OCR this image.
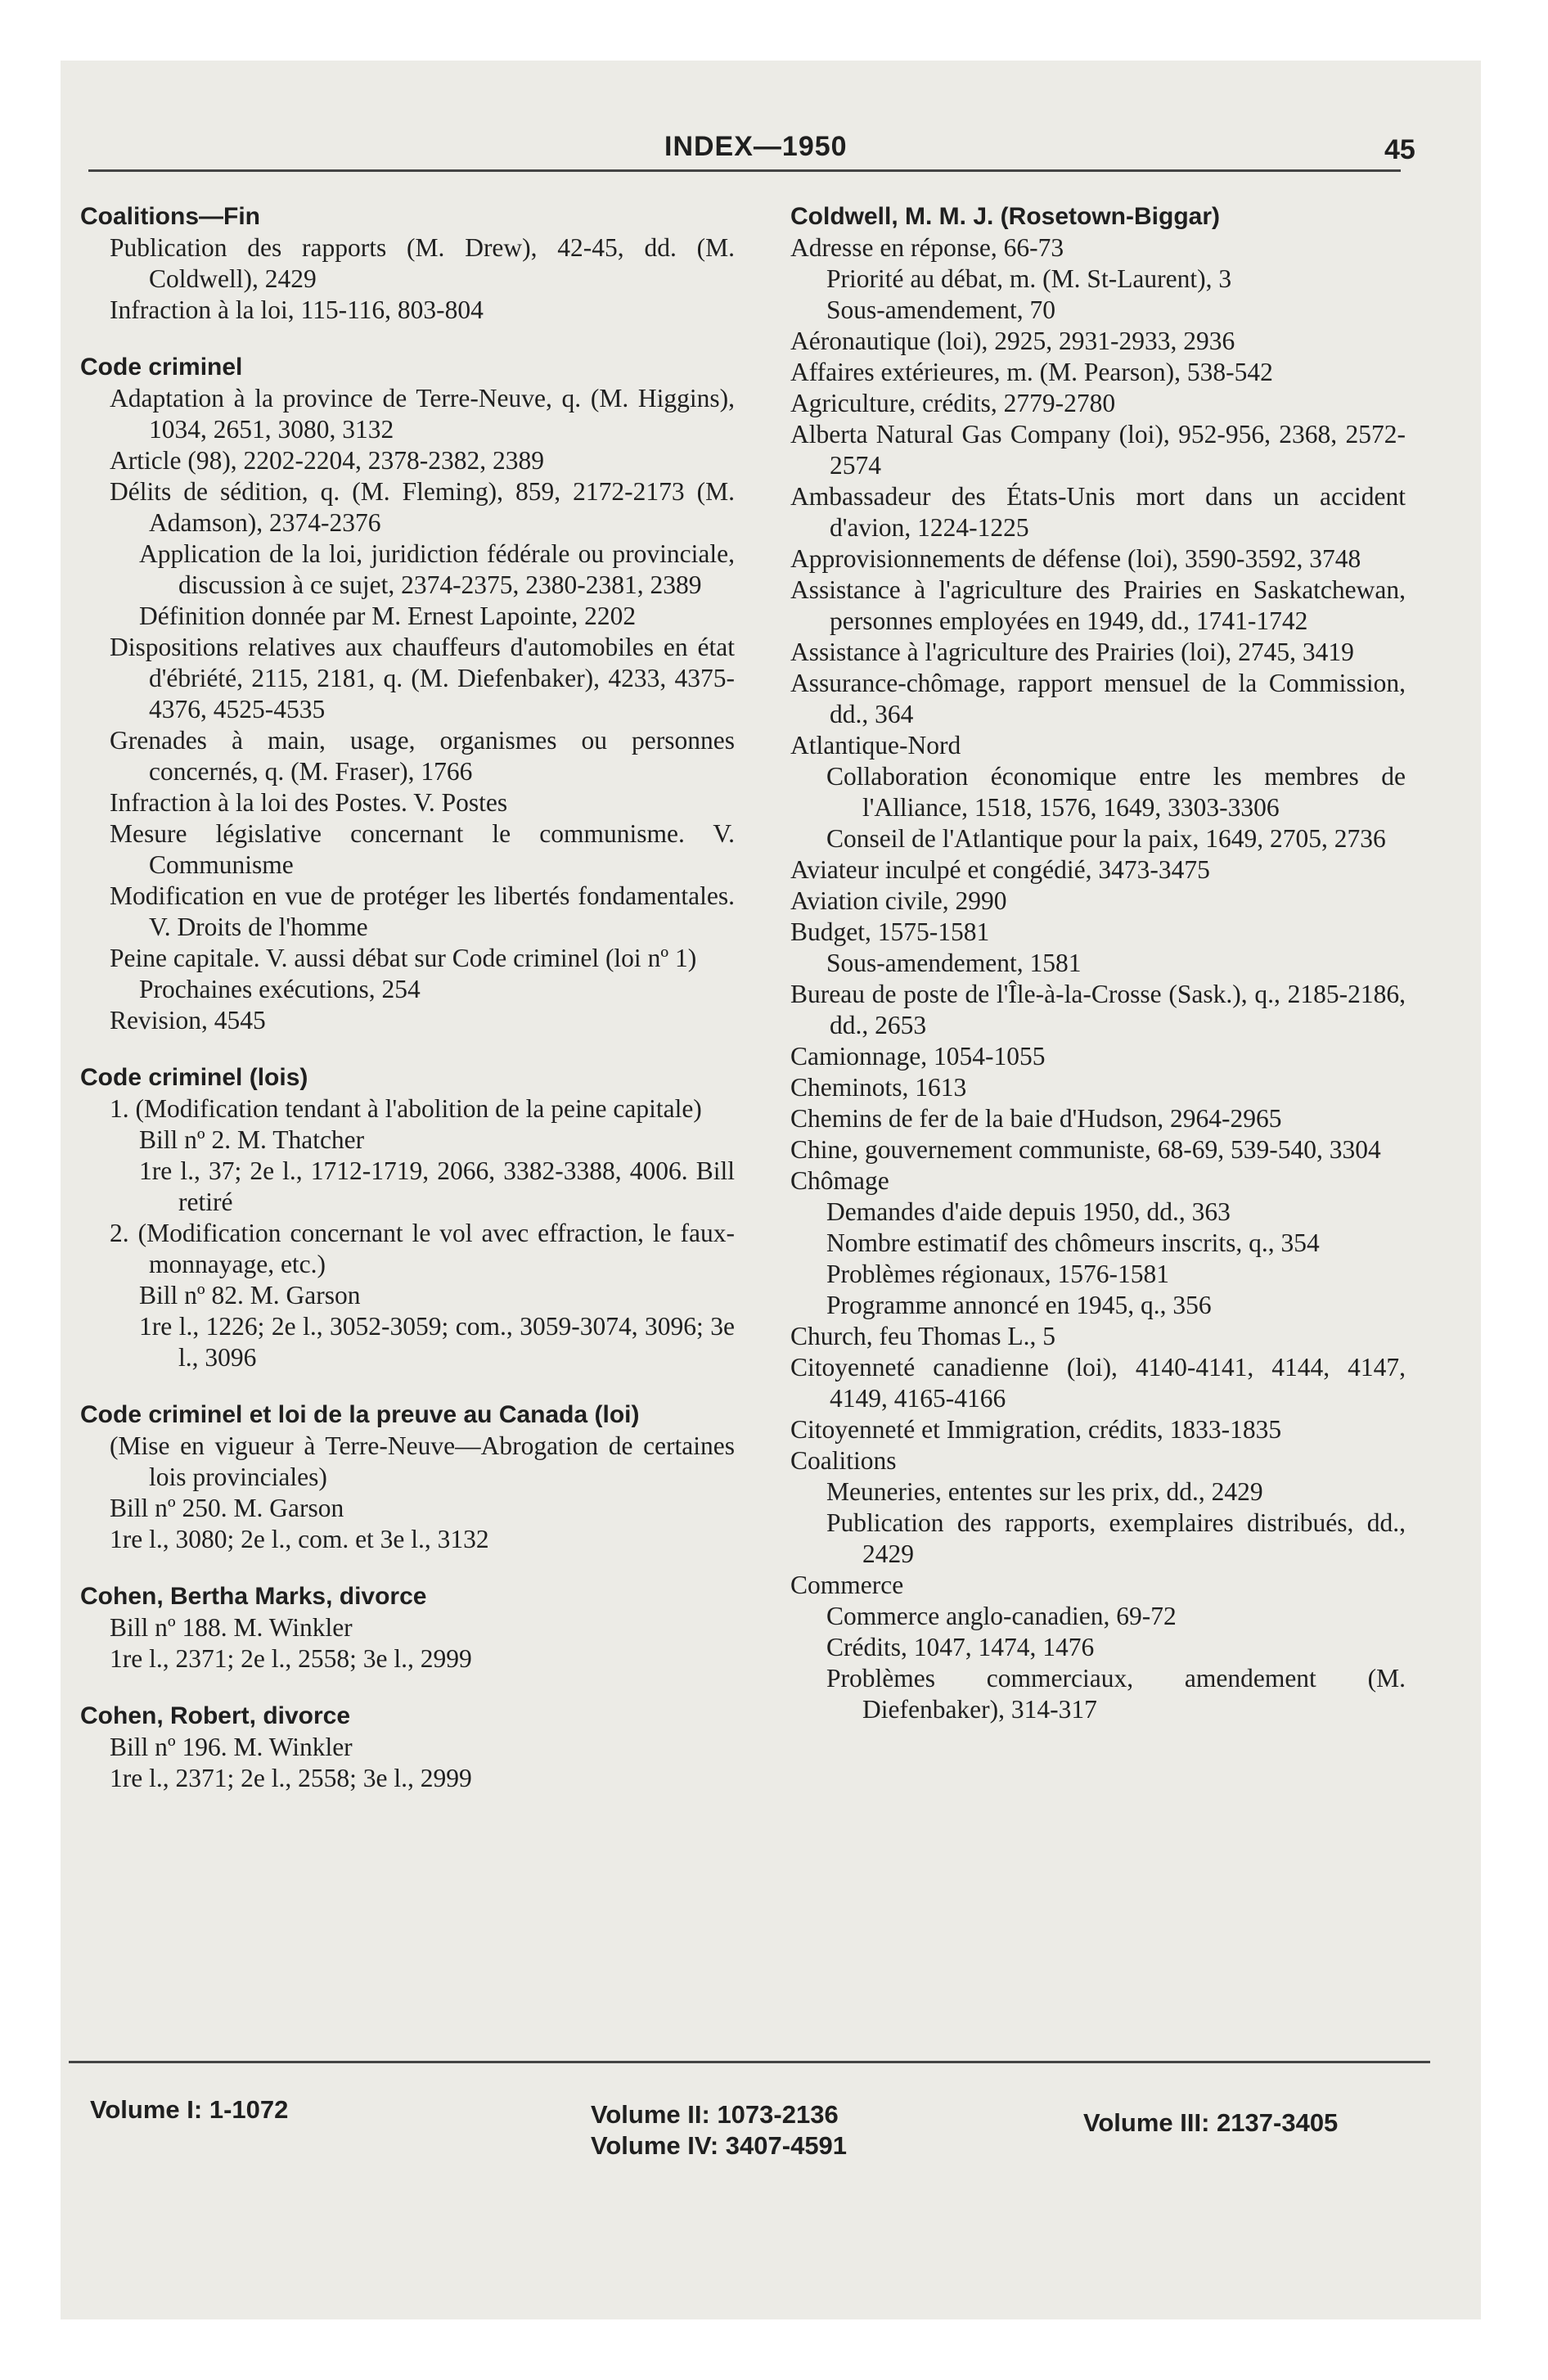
INDEX—1950	45
Coalitions—Fin
Publication des rapports (M. Drew), 42-45, dd. (M. Coldwell), 2429
Infraction à la loi, 115-116, 803-804
Code criminel
Adaptation à la province de Terre-Neuve, q. (M. Higgins), 1034, 2651, 3080, 3132
Article (98), 2202-2204, 2378-2382, 2389
Délits de sédition, q. (M. Fleming), 859, 2172-2173 (M. Adamson), 2374-2376
Application de la loi, juridiction fédérale ou provinciale, discussion à ce sujet, 2374-2375, 2380-2381, 2389
Définition donnée par M. Ernest Lapointe, 2202
Dispositions relatives aux chauffeurs d'automobiles en état d'ébriété, 2115, 2181, q. (M. Diefenbaker), 4233, 4375-4376, 4525-4535
Grenades à main, usage, organismes ou personnes concernés, q. (M. Fraser), 1766
Infraction à la loi des Postes. V. Postes
Mesure législative concernant le communisme. V. Communisme
Modification en vue de protéger les libertés fondamentales. V. Droits de l'homme
Peine capitale. V. aussi débat sur Code criminel (loi nº 1)
Prochaines exécutions, 254
Revision, 4545
Code criminel (lois)
1. (Modification tendant à l'abolition de la peine capitale)
Bill nº 2. M. Thatcher
1re l., 37; 2e l., 1712-1719, 2066, 3382-3388, 4006. Bill retiré
2. (Modification concernant le vol avec effraction, le faux-monnayage, etc.)
Bill nº 82. M. Garson
1re l., 1226; 2e l., 3052-3059; com., 3059-3074, 3096; 3e l., 3096
Code criminel et loi de la preuve au Canada (loi)
(Mise en vigueur à Terre-Neuve—Abrogation de certaines lois provinciales)
Bill nº 250. M. Garson
1re l., 3080; 2e l., com. et 3e l., 3132
Cohen, Bertha Marks, divorce
Bill nº 188. M. Winkler
1re l., 2371; 2e l., 2558; 3e l., 2999
Cohen, Robert, divorce
Bill nº 196. M. Winkler
1re l., 2371; 2e l., 2558; 3e l., 2999
Coldwell, M. M. J. (Rosetown-Biggar)
Adresse en réponse, 66-73
Priorité au débat, m. (M. St-Laurent), 3
Sous-amendement, 70
Aéronautique (loi), 2925, 2931-2933, 2936
Affaires extérieures, m. (M. Pearson), 538-542
Agriculture, crédits, 2779-2780
Alberta Natural Gas Company (loi), 952-956, 2368, 2572-2574
Ambassadeur des États-Unis mort dans un accident d'avion, 1224-1225
Approvisionnements de défense (loi), 3590-3592, 3748
Assistance à l'agriculture des Prairies en Saskatchewan, personnes employées en 1949, dd., 1741-1742
Assistance à l'agriculture des Prairies (loi), 2745, 3419
Assurance-chômage, rapport mensuel de la Commission, dd., 364
Atlantique-Nord
Collaboration économique entre les membres de l'Alliance, 1518, 1576, 1649, 3303-3306
Conseil de l'Atlantique pour la paix, 1649, 2705, 2736
Aviateur inculpé et congédié, 3473-3475
Aviation civile, 2990
Budget, 1575-1581
Sous-amendement, 1581
Bureau de poste de l'Île-à-la-Crosse (Sask.), q., 2185-2186, dd., 2653
Camionnage, 1054-1055
Cheminots, 1613
Chemins de fer de la baie d'Hudson, 2964-2965
Chine, gouvernement communiste, 68-69, 539-540, 3304
Chômage
Demandes d'aide depuis 1950, dd., 363
Nombre estimatif des chômeurs inscrits, q., 354
Problèmes régionaux, 1576-1581
Programme annoncé en 1945, q., 356
Church, feu Thomas L., 5
Citoyenneté canadienne (loi), 4140-4141, 4144, 4147, 4149, 4165-4166
Citoyenneté et Immigration, crédits, 1833-1835
Coalitions
Meuneries, ententes sur les prix, dd., 2429
Publication des rapports, exemplaires distribués, dd., 2429
Commerce
Commerce anglo-canadien, 69-72
Crédits, 1047, 1474, 1476
Problèmes commerciaux, amendement (M. Diefenbaker), 314-317
Volume I: 1-1072	Volume II: 1073-2136
Volume IV: 3407-4591
Volume III: 2137-3405
